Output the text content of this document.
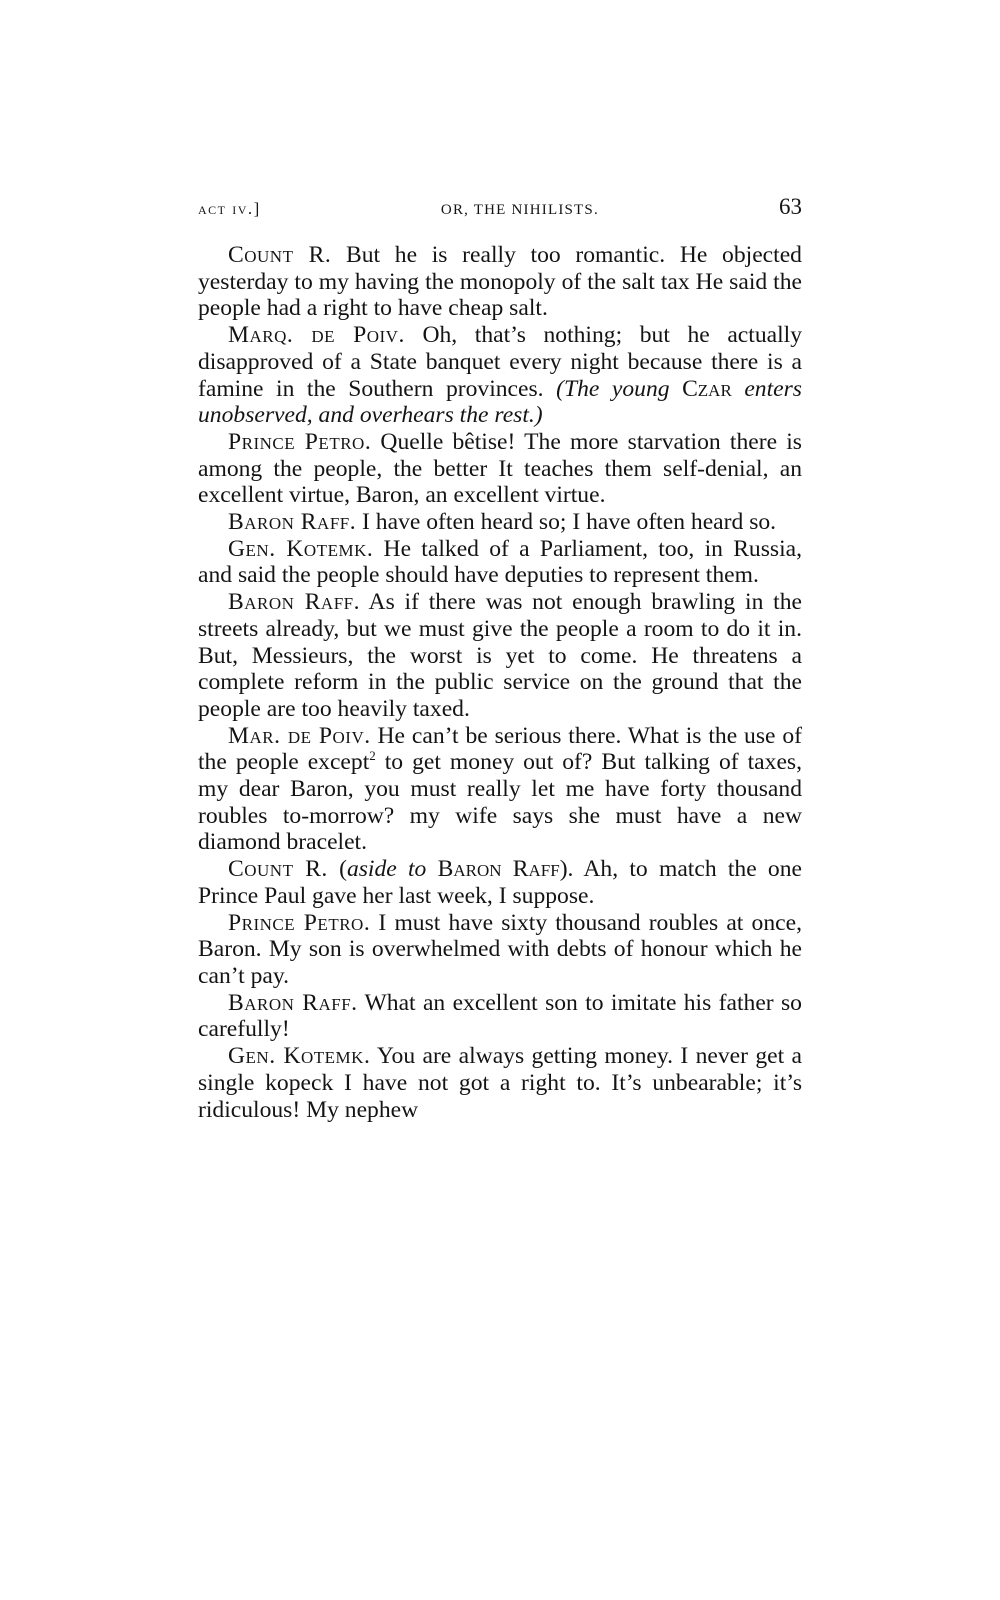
act iv.]	OR, THE NIHILISTS.	63

Count R. But he is really too romantic. He objected yesterday to my having the monopoly of the salt tax He said the people had a right to have cheap salt.

Marq. de Poiv. Oh, that’s nothing; but he actually disapproved of a State banquet every night because there is a famine in the Southern provinces. (The young Czar enters unobserved, and overhears the rest.)

Prince Petro. Quelle bêtise! The more starvation there is among the people, the better It teaches them self-denial, an excellent virtue, Baron, an excellent virtue.

Baron Raff. I have often heard so; I have often heard so.

Gen. Kotemk. He talked of a Parliament, too, in Russia, and said the people should have deputies to represent them.

Baron Raff. As if there was not enough brawling in the streets already, but we must give the people a room to do it in. But, Messieurs, the worst is yet to come. He threatens a complete reform in the public service on the ground that the people are too heavily taxed.

Mar. de Poiv. He can’t be serious there. What is the use of the people except$^2$ to get money out of? But talking of taxes, my dear Baron, you must really let me have forty thousand roubles to-morrow? my wife says she must have a new diamond bracelet.

Count R. (aside to Baron Raff). Ah, to match the one Prince Paul gave her last week, I suppose.

Prince Petro. I must have sixty thousand roubles at once, Baron. My son is overwhelmed with debts of honour which he can’t pay.

Baron Raff. What an excellent son to imitate his father so carefully!

Gen. Kotemk. You are always getting money. I never get a single kopeck I have not got a right to. It’s unbearable; it’s ridiculous! My nephew
